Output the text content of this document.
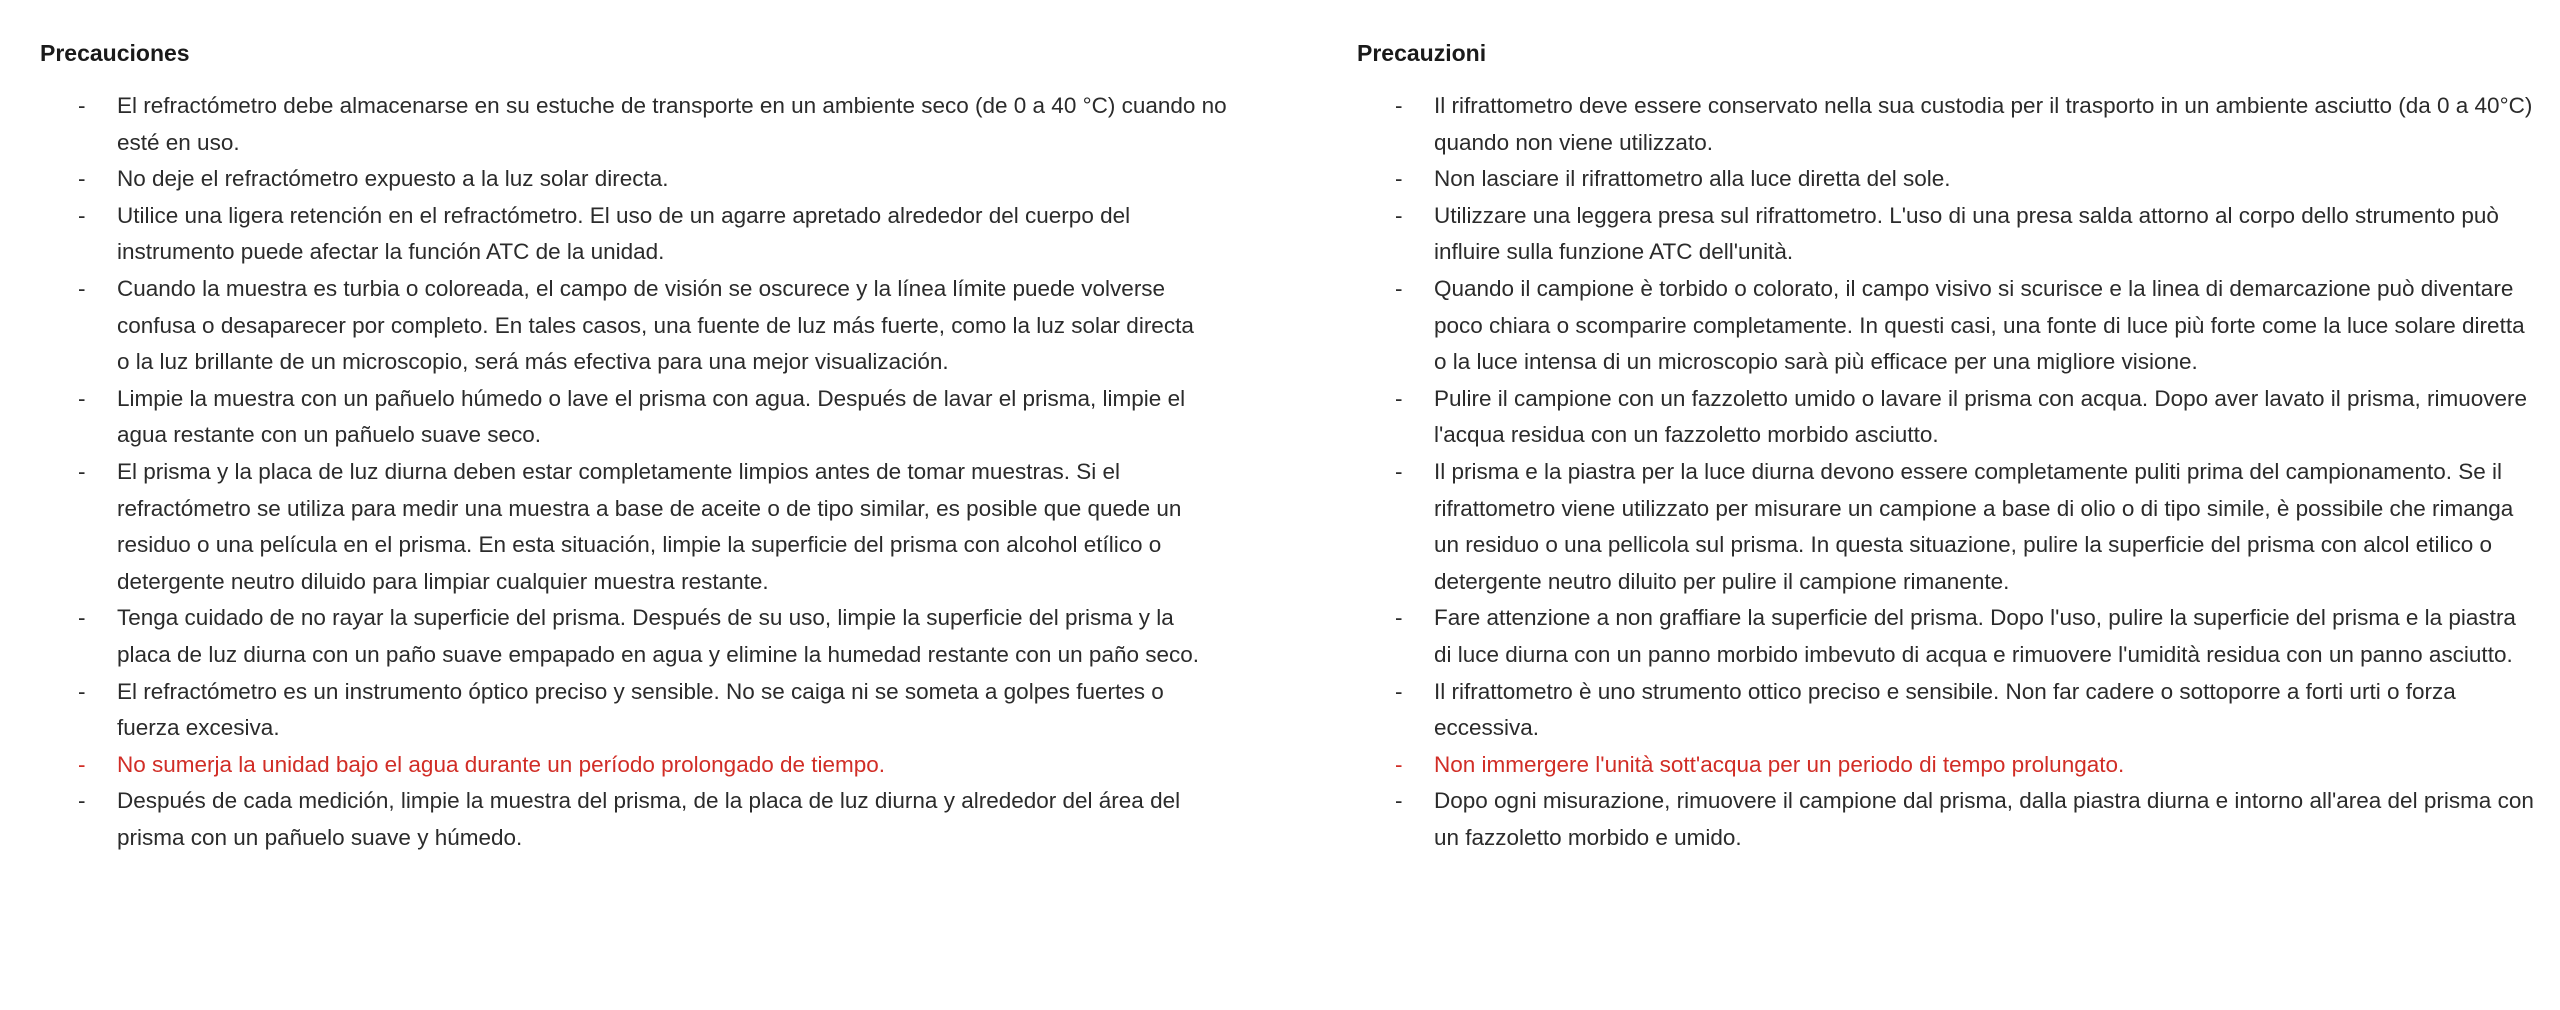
Precauciones
- El refractómetro debe almacenarse en su estuche de transporte en un ambiente seco (de 0 a 40 °C) cuando no esté en uso.
- No deje el refractómetro expuesto a la luz solar directa.
- Utilice una ligera retención en el refractómetro. El uso de un agarre apretado alrededor del cuerpo del instrumento puede afectar la función ATC de la unidad.
- Cuando la muestra es turbia o coloreada, el campo de visión se oscurece y la línea límite puede volverse confusa o desaparecer por completo. En tales casos, una fuente de luz más fuerte, como la luz solar directa o la luz brillante de un microscopio, será más efectiva para una mejor visualización.
- Limpie la muestra con un pañuelo húmedo o lave el prisma con agua. Después de lavar el prisma, limpie el agua restante con un pañuelo suave seco.
- El prisma y la placa de luz diurna deben estar completamente limpios antes de tomar muestras. Si el refractómetro se utiliza para medir una muestra a base de aceite o de tipo similar, es posible que quede un residuo o una película en el prisma. En esta situación, limpie la superficie del prisma con alcohol etílico o detergente neutro diluido para limpiar cualquier muestra restante.
- Tenga cuidado de no rayar la superficie del prisma. Después de su uso, limpie la superficie del prisma y la placa de luz diurna con un paño suave empapado en agua y elimine la humedad restante con un paño seco.
- El refractómetro es un instrumento óptico preciso y sensible. No se caiga ni se someta a golpes fuertes o fuerza excesiva.
- No sumerja la unidad bajo el agua durante un período prolongado de tiempo.
- Después de cada medición, limpie la muestra del prisma, de la placa de luz diurna y alrededor del área del prisma con un pañuelo suave y húmedo.
Precauzioni
- Il rifrattometro deve essere conservato nella sua custodia per il trasporto in un ambiente asciutto (da 0 a 40°C) quando non viene utilizzato.
- Non lasciare il rifrattometro alla luce diretta del sole.
- Utilizzare una leggera presa sul rifrattometro. L'uso di una presa salda attorno al corpo dello strumento può influire sulla funzione ATC dell'unità.
- Quando il campione è torbido o colorato, il campo visivo si scurisce e la linea di demarcazione può diventare poco chiara o scomparire completamente. In questi casi, una fonte di luce più forte come la luce solare diretta o la luce intensa di un microscopio sarà più efficace per una migliore visione.
- Pulire il campione con un fazzoletto umido o lavare il prisma con acqua. Dopo aver lavato il prisma, rimuovere l'acqua residua con un fazzoletto morbido asciutto.
- Il prisma e la piastra per la luce diurna devono essere completamente puliti prima del campionamento. Se il rifrattometro viene utilizzato per misurare un campione a base di olio o di tipo simile, è possibile che rimanga un residuo o una pellicola sul prisma. In questa situazione, pulire la superficie del prisma con alcol etilico o detergente neutro diluito per pulire il campione rimanente.
- Fare attenzione a non graffiare la superficie del prisma. Dopo l'uso, pulire la superficie del prisma e la piastra di luce diurna con un panno morbido imbevuto di acqua e rimuovere l'umidità residua con un panno asciutto.
- Il rifrattometro è uno strumento ottico preciso e sensibile. Non far cadere o sottoporre a forti urti o forza eccessiva.
- Non immergere l'unità sott'acqua per un periodo di tempo prolungato.
- Dopo ogni misurazione, rimuovere il campione dal prisma, dalla piastra diurna e intorno all'area del prisma con un fazzoletto morbido e umido.
